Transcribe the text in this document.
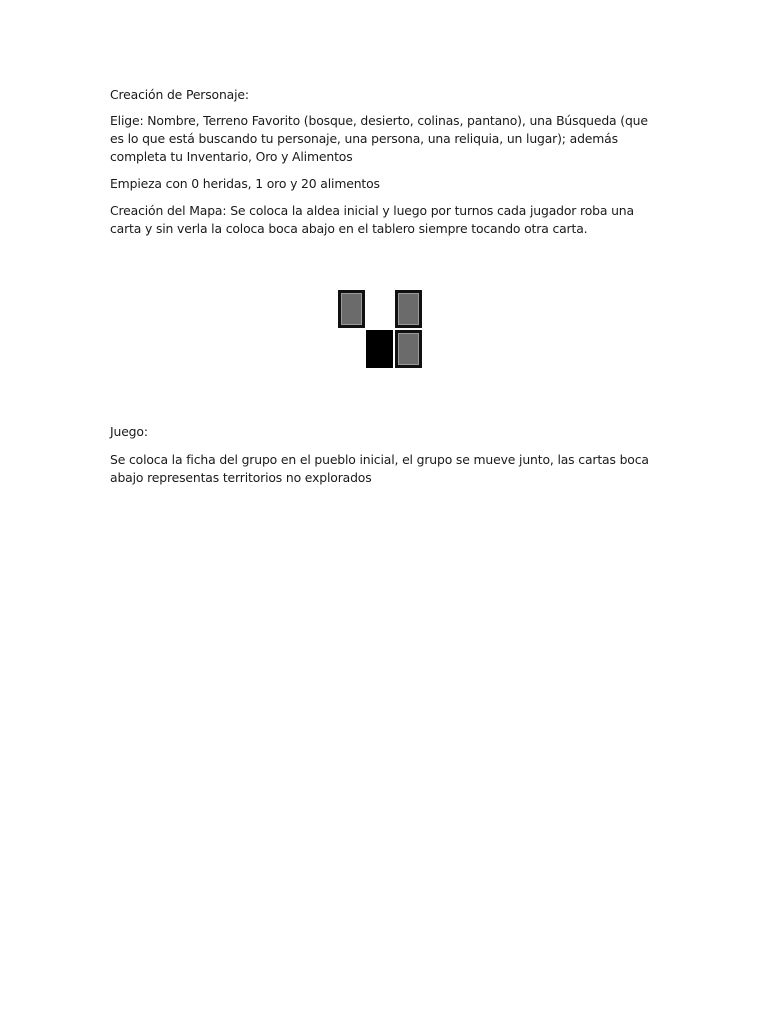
Creación de Personaje:

Elige: Nombre, Terreno Favorito (bosque, desierto, colinas, pantano), una Búsqueda (que es lo que está buscando tu personaje, una persona, una reliquia, un lugar); además completa tu Inventario, Oro y Alimentos

Empieza con 0 heridas, 1 oro y 20 alimentos

Creación del Mapa: Se coloca la aldea inicial y luego por turnos cada jugador roba una carta y sin verla la coloca boca abajo en el tablero siempre tocando otra carta.

Juego:

Se coloca la ficha del grupo en el pueblo inicial, el grupo se mueve junto, las cartas boca abajo representas territorios no explorados
